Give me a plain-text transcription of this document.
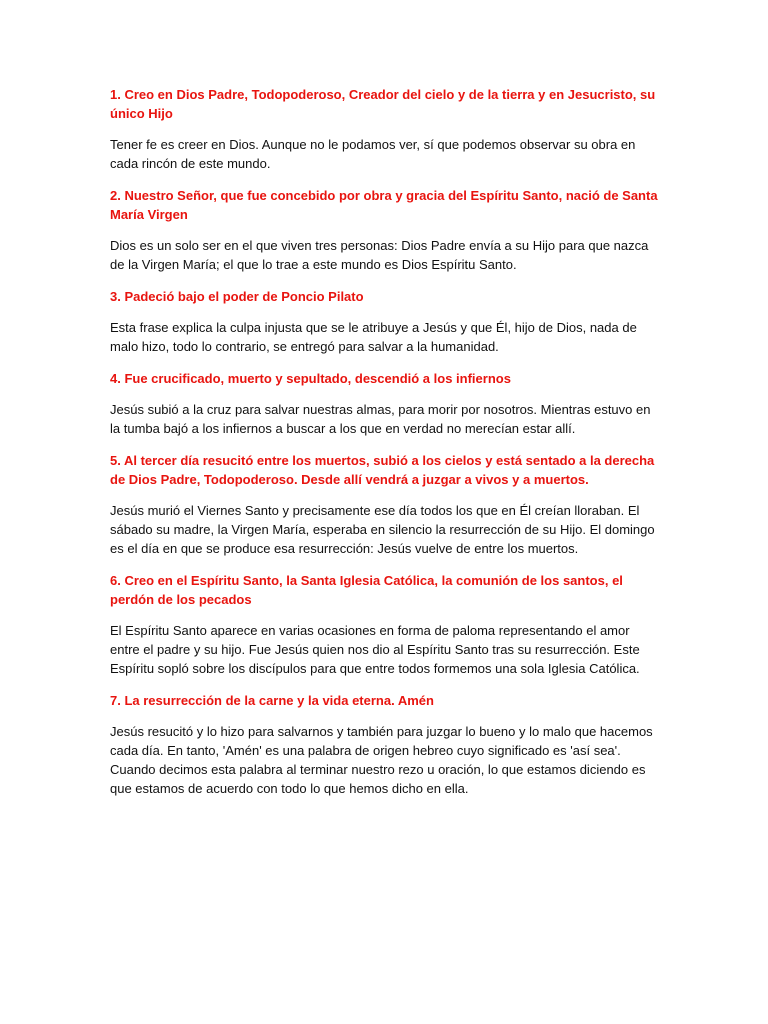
1. Creo en Dios Padre, Todopoderoso, Creador del cielo y de la tierra y en Jesucristo, su único Hijo

Tener fe es creer en Dios. Aunque no le podamos ver, sí que podemos observar su obra en cada rincón de este mundo.

2. Nuestro Señor, que fue concebido por obra y gracia del Espíritu Santo, nació de Santa María Virgen

Dios es un solo ser en el que viven tres personas: Dios Padre envía a su Hijo para que nazca de la Virgen María; el que lo trae a este mundo es Dios Espíritu Santo.

3. Padeció bajo el poder de Poncio Pilato

Esta frase explica la culpa injusta que se le atribuye a Jesús y que Él, hijo de Dios, nada de malo hizo, todo lo contrario, se entregó para salvar a la humanidad.

4. Fue crucificado, muerto y sepultado, descendió a los infiernos

Jesús subió a la cruz para salvar nuestras almas, para morir por nosotros. Mientras estuvo en la tumba bajó a los infiernos a buscar a los que en verdad no merecían estar allí.

5. Al tercer día resucitó entre los muertos, subió a los cielos y está sentado a la derecha de Dios Padre, Todopoderoso. Desde allí vendrá a juzgar a vivos y a muertos.

Jesús murió el Viernes Santo y precisamente ese día todos los que en Él creían lloraban. El sábado su madre, la Virgen María, esperaba en silencio la resurrección de su Hijo. El domingo es el día en que se produce esa resurrección: Jesús vuelve de entre los muertos.

6. Creo en el Espíritu Santo, la Santa Iglesia Católica, la comunión de los santos, el perdón de los pecados

El Espíritu Santo aparece en varias ocasiones en forma de paloma representando el amor entre el padre y su hijo. Fue Jesús quien nos dio al Espíritu Santo tras su resurrección. Este Espíritu sopló sobre los discípulos para que entre todos formemos una sola Iglesia Católica.

7. La resurrección de la carne y la vida eterna. Amén

Jesús resucitó y lo hizo para salvarnos y también para juzgar lo bueno y lo malo que hacemos cada día. En tanto, 'Amén' es una palabra de origen hebreo cuyo significado es 'así sea'. Cuando decimos esta palabra al terminar nuestro rezo u oración, lo que estamos diciendo es que estamos de acuerdo con todo lo que hemos dicho en ella.
